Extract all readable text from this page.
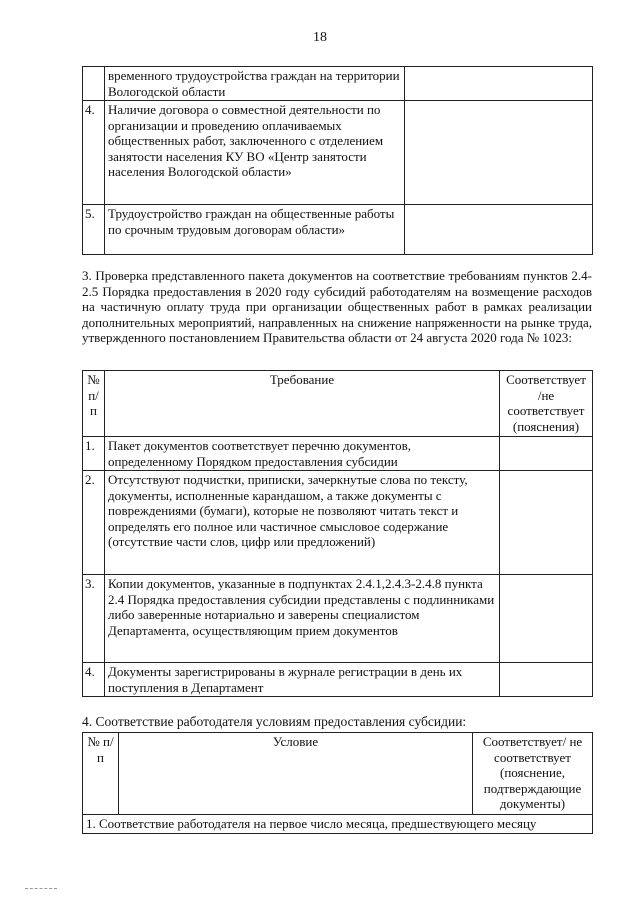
18
	временного трудоустройства граждан на территории Вологодской области	
4.	Наличие договора о совместной деятельности по организации и проведению оплачиваемых общественных работ, заключенного с отделением занятости населения КУ ВО «Центр занятости населения Вологодской области»	
5.	Трудоустройство граждан на общественные работы по срочным трудовым договорам области»	
3. Проверка представленного пакета документов на соответствие требованиям пунктов 2.4-2.5 Порядка предоставления в 2020 году субсидий работодателям на возмещение расходов на частичную оплату труда при организации общественных работ в рамках реализации дополнительных мероприятий, направленных на снижение напряженности на рынке труда, утвержденного постановлением Правительства области от 24 августа 2020 года № 1023:
№ п/п	Требование	Соответствует /не соответствует (пояснения)
1.	Пакет документов соответствует перечню документов, определенному Порядком предоставления субсидии	
2.	Отсутствуют подчистки, приписки, зачеркнутые слова по тексту, документы, исполненные карандашом, а также документы с повреждениями (бумаги), которые не позволяют читать текст и определять его полное или частичное смысловое содержание (отсутствие части слов, цифр или предложений)	
3.	Копии документов, указанные в подпунктах 2.4.1,2.4.3-2.4.8 пункта 2.4 Порядка предоставления субсидии представлены с подлинниками либо заверенные нотариально и заверены специалистом Департамента, осуществляющим прием документов	
4.	Документы зарегистрированы в журнале регистрации в день их поступления в Департамент	
4. Соответствие работодателя условиям предоставления субсидии:
№ п/п	Условие	Соответствует/ не соответствует (пояснение, подтверждающие документы)
1. Соответствие работодателя на первое число месяца, предшествующего месяцу
